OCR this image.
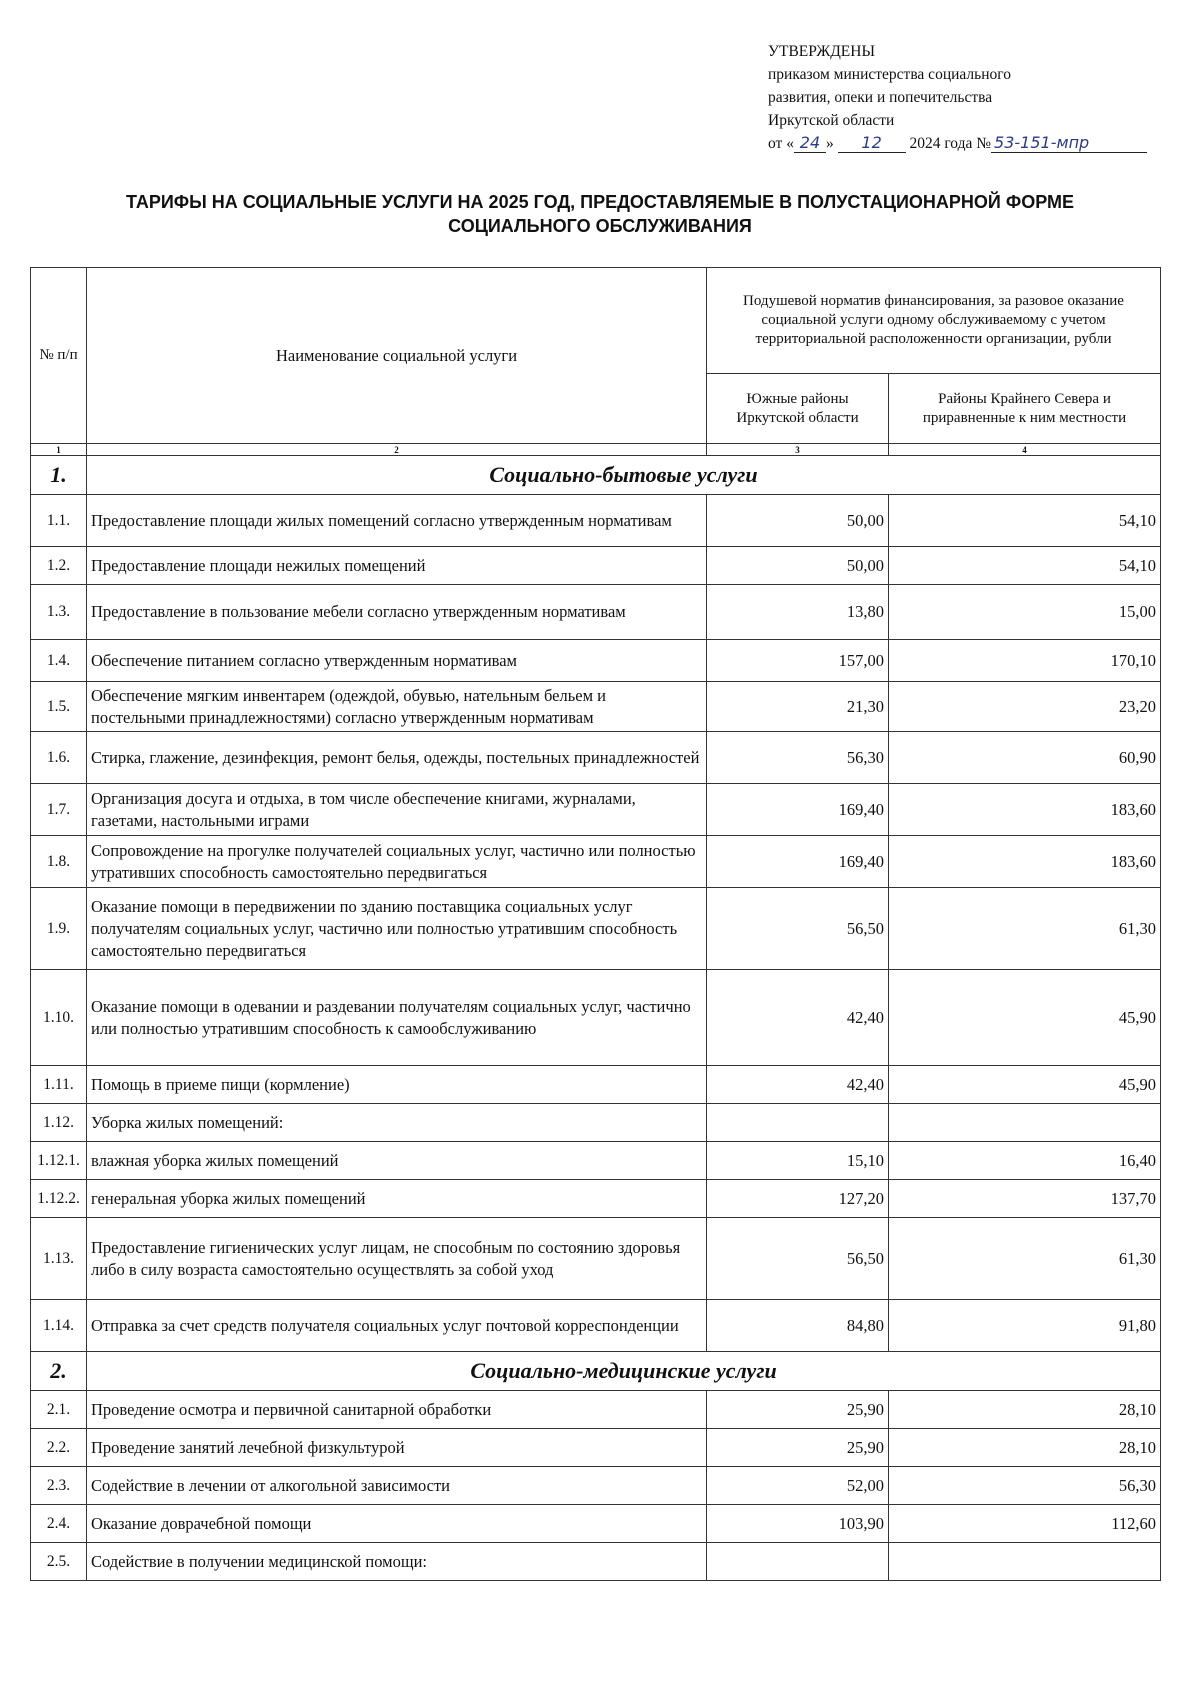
УТВЕРЖДЕНЫ
приказом министерства социального
развития, опеки и попечительства
Иркутской области
от « 24 » 12 2024 года № 53-151-мпр
ТАРИФЫ НА СОЦИАЛЬНЫЕ УСЛУГИ НА 2025 ГОД, ПРЕДОСТАВЛЯЕМЫЕ В ПОЛУСТАЦИОНАРНОЙ ФОРМЕ
СОЦИАЛЬНОГО ОБСЛУЖИВАНИЯ
№ п/п	Наименование социальной услуги	Подушевой норматив финансирования, за разовое оказание социальной услуги одному обслуживаемому с учетом территориальной расположенности организации, рубли	
		Южные районы Иркутской области	Районы Крайнего Севера и приравненные к ним местности
1	2	3	4
1.	Социально-бытовые услуги		
1.1.	Предоставление площади жилых помещений согласно утвержденным нормативам	50,00	54,10
1.2.	Предоставление площади нежилых помещений	50,00	54,10
1.3.	Предоставление в пользование мебели согласно утвержденным нормативам	13,80	15,00
1.4.	Обеспечение питанием согласно утвержденным нормативам	157,00	170,10
1.5.	Обеспечение мягким инвентарем (одеждой, обувью, нательным бельем и постельными принадлежностями) согласно утвержденным нормативам	21,30	23,20
1.6.	Стирка, глажение, дезинфекция, ремонт белья, одежды, постельных принадлежностей	56,30	60,90
1.7.	Организация досуга и отдыха, в том числе обеспечение книгами, журналами, газетами, настольными играми	169,40	183,60
1.8.	Сопровождение на прогулке получателей социальных услуг, частично или полностью утративших способность самостоятельно передвигаться	169,40	183,60
1.9.	Оказание помощи в передвижении по зданию поставщика социальных услуг получателям социальных услуг, частично или полностью утратившим способность самостоятельно передвигаться	56,50	61,30
1.10.	Оказание помощи в одевании и раздевании получателям социальных услуг, частично или полностью утратившим способность к самообслуживанию	42,40	45,90
1.11.	Помощь в приеме пищи (кормление)	42,40	45,90
1.12.	Уборка жилых помещений:		
1.12.1.	влажная уборка жилых помещений	15,10	16,40
1.12.2.	генеральная уборка жилых помещений	127,20	137,70
1.13.	Предоставление гигиенических услуг лицам, не способным по состоянию здоровья либо в силу возраста самостоятельно осуществлять за собой уход	56,50	61,30
1.14.	Отправка за счет средств получателя социальных услуг почтовой корреспонденции	84,80	91,80
2.	Социально-медицинские услуги		
2.1.	Проведение осмотра и первичной санитарной обработки	25,90	28,10
2.2.	Проведение занятий лечебной физкультурой	25,90	28,10
2.3.	Содействие в лечении от алкогольной зависимости	52,00	56,30
2.4.	Оказание доврачебной помощи	103,90	112,60
2.5.	Содействие в получении медицинской помощи:		
